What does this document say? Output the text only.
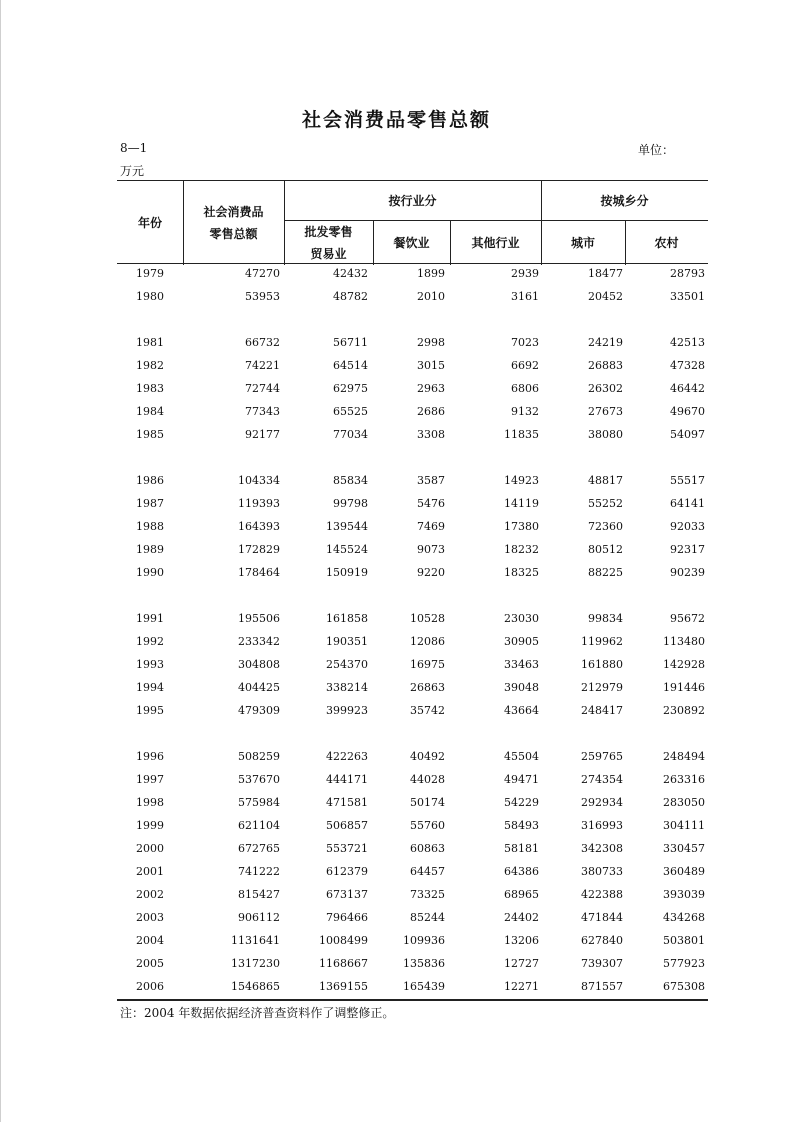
社会消费品零售总额
8—1	单位：
万元
年份
社会消费品
零售总额
按行业分	按城乡分
批发零售
贸易业
餐饮业	其他行业	城市	农村
1979	47270	42432	1899	2939	18477	28793
1980	53953	48782	2010	3161	20452	33501
1981	66732	56711	2998	7023	24219	42513
1982	74221	64514	3015	6692	26883	47328
1983	72744	62975	2963	6806	26302	46442
1984	77343	65525	2686	9132	27673	49670
1985	92177	77034	3308	11835	38080	54097
1986	104334	85834	3587	14923	48817	55517
1987	119393	99798	5476	14119	55252	64141
1988	164393	139544	7469	17380	72360	92033
1989	172829	145524	9073	18232	80512	92317
1990	178464	150919	9220	18325	88225	90239
1991	195506	161858	10528	23030	99834	95672
1992	233342	190351	12086	30905	119962	113480
1993	304808	254370	16975	33463	161880	142928
1994	404425	338214	26863	39048	212979	191446
1995	479309	399923	35742	43664	248417	230892
1996	508259	422263	40492	45504	259765	248494
1997	537670	444171	44028	49471	274354	263316
1998	575984	471581	50174	54229	292934	283050
1999	621104	506857	55760	58493	316993	304111
2000	672765	553721	60863	58181	342308	330457
2001	741222	612379	64457	64386	380733	360489
2002	815427	673137	73325	68965	422388	393039
2003	906112	796466	85244	24402	471844	434268
2004	1131641	1008499	109936	13206	627840	503801
2005	1317230	1168667	135836	12727	739307	577923
2006	1546865	1369155	165439	12271	871557	675308
注：2004 年数据依据经济普查资料作了调整修正。
